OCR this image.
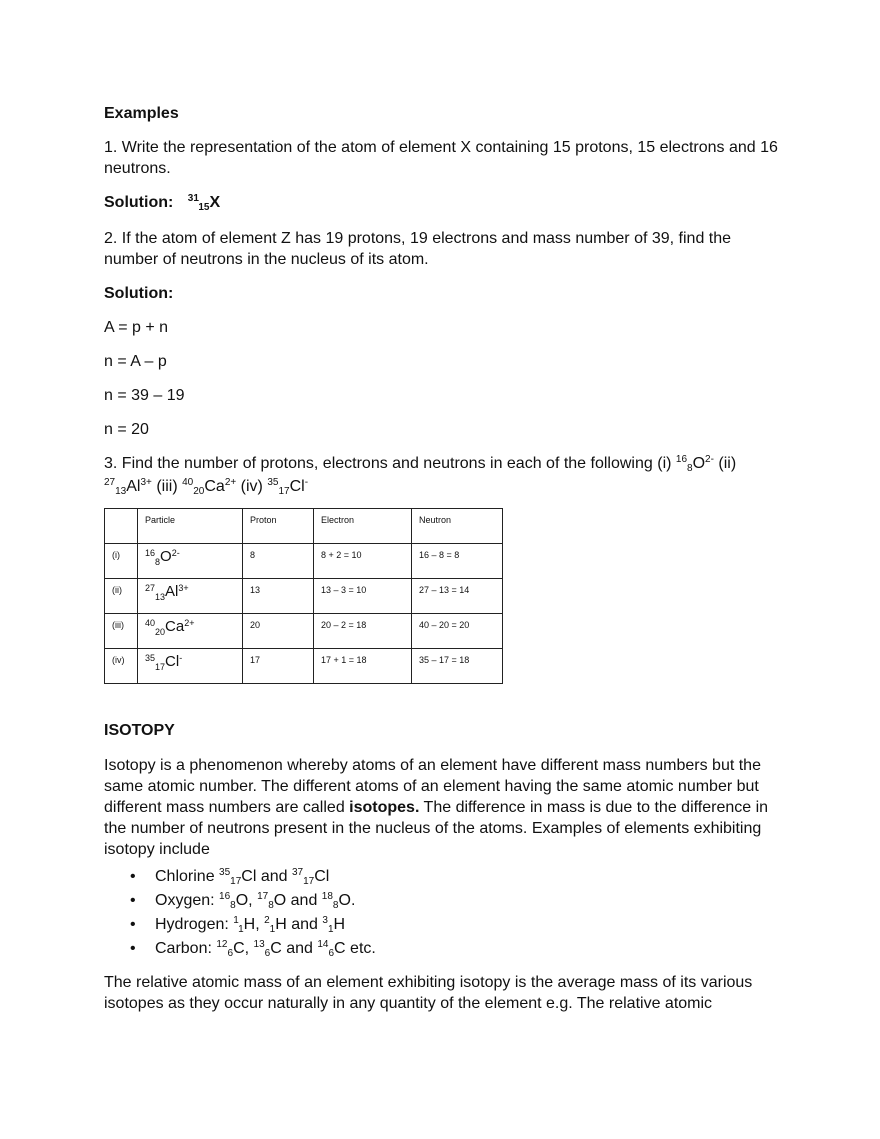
Examples

1. Write the representation of the atom of element X containing 15 protons, 15 electrons and 16 neutrons.

Solution: $^{31}$15X

2. If the atom of element Z has 19 protons, 19 electrons and mass number of 39, find the number of neutrons in the nucleus of its atom.

Solution:

A = p + n

n = A – p

n = 39 – 19

n = 20

3. Find the number of protons, electrons and neutrons in each of the following (i) $^{16}8O^{2-}$ (ii) $^{27}13Al^{3+}$ (iii) $^{40}20Ca^{2+}$ (iv) $^{35}$17Cl-

	Particle	Proton	Electron	Neutron
(i)	$^{16}_8O^{2-}$	8	8 + 2 = 10	16 – 8 = 8
(ii)	$^{27}_{13}Al^{3+}$	13	13 – 3 = 10	27 – 13 = 14
(iii)	$^{40}_{20}Ca^{2+}$	20	20 – 2 = 18	40 – 20 = 20
(iv)	$^{35}_{17}$Cl-	17	17 + 1 = 18	35 – 17 = 18
ISOTOPY

Isotopy is a phenomenon whereby atoms of an element have different mass numbers but the same atomic number. The different atoms of an element having the same atomic number but different mass numbers are called isotopes. The difference in mass is due to the difference in the number of neutrons present in the nucleus of the atoms. Examples of elements exhibiting isotopy include

• Chlorine $^{35}$17Cl and $^{37}$17Cl
• Oxygen: $^{16}$8O, $^{17}$8O and $^{18}$8O.
• Hydrogen: $^1$1H, $^2$1H and $^3$1H
• Carbon: $^{12}$6C, $^{13}$6C and $^{14}$6C etc.

The relative atomic mass of an element exhibiting isotopy is the average mass of its various isotopes as they occur naturally in any quantity of the element e.g. The relative atomic
